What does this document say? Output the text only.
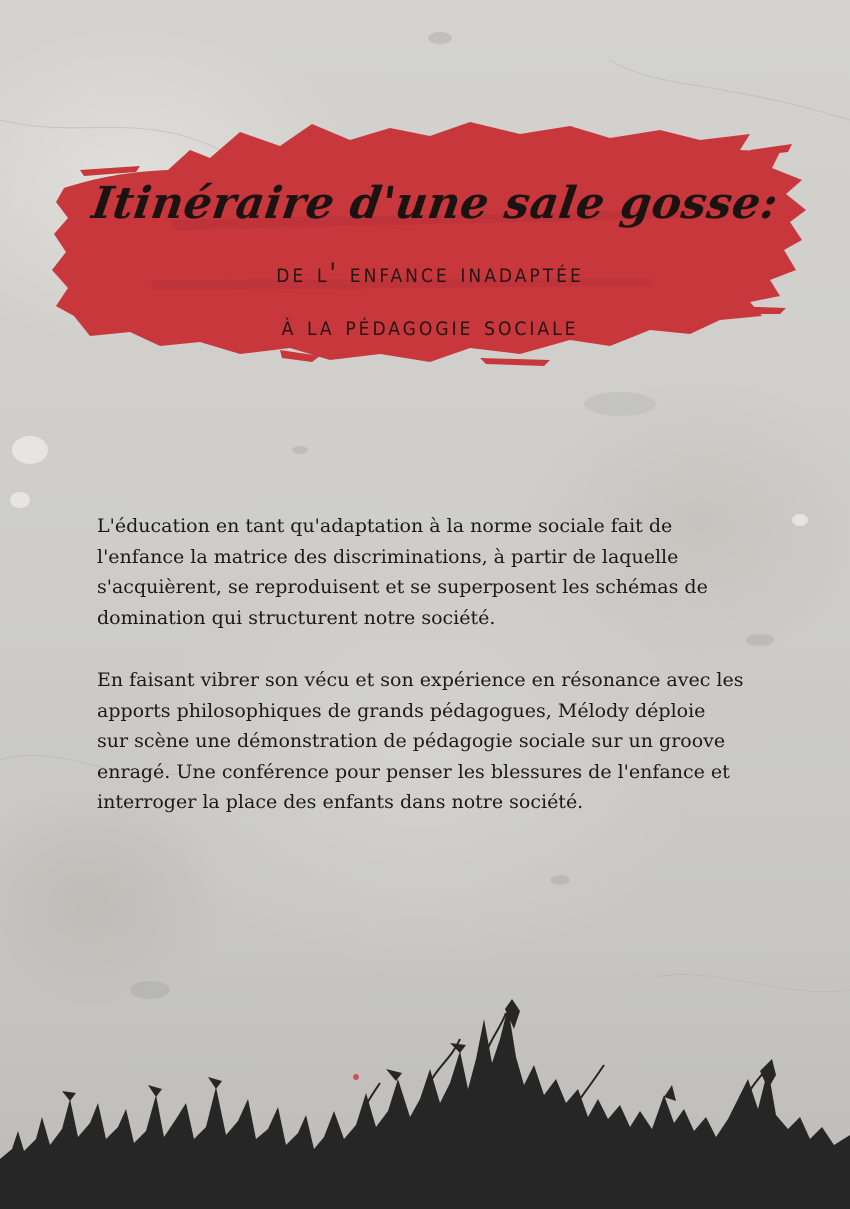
Itinéraire d'une sale gosse:
de l' enfance inadaptée
à la pédagogie sociale
L'éducation en tant qu'adaptation à la norme sociale fait de
l'enfance la matrice des discriminations, à partir de laquelle
s'acquièrent, se reproduisent et se superposent les schémas de
domination qui structurent notre société.
En faisant vibrer son vécu et son expérience en résonance avec les
apports philosophiques de grands pédagogues, Mélody déploie
sur scène une démonstration de pédagogie sociale sur un groove
enragé. Une conférence pour penser les blessures de l'enfance et
interroger la place des enfants dans notre société.
